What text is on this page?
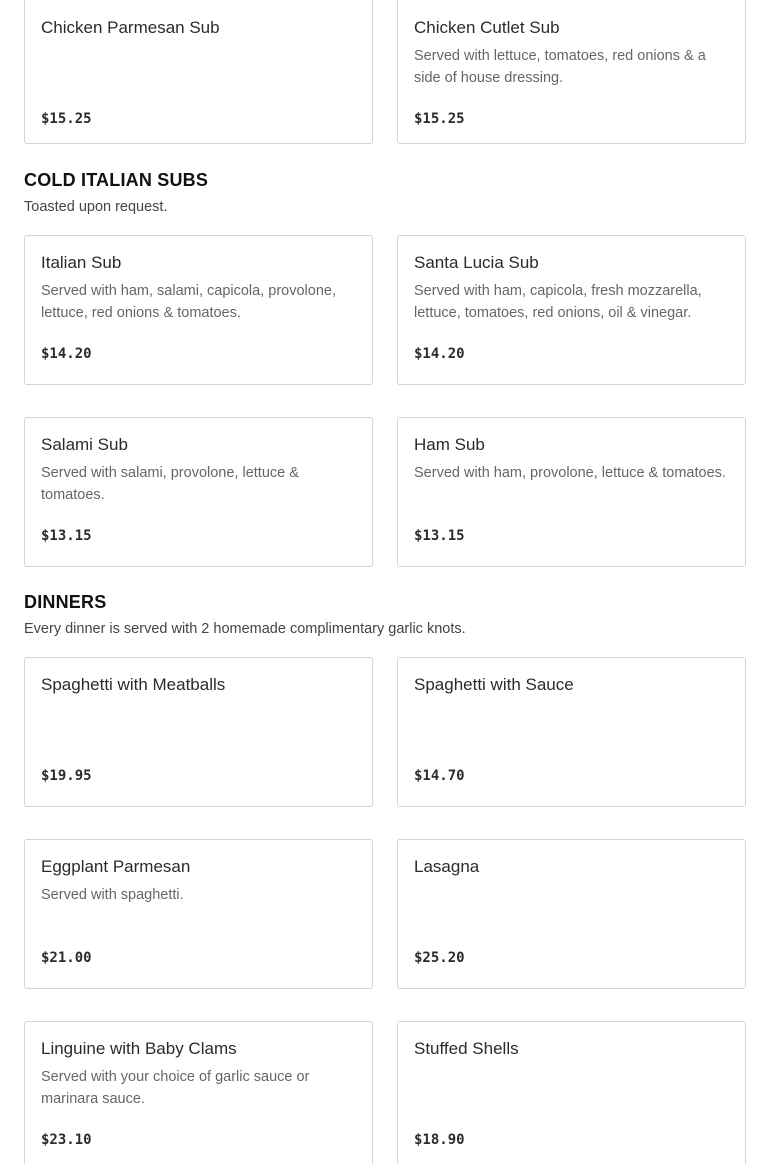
Chicken Parmesan Sub
$15.25
Chicken Cutlet Sub
Served with lettuce, tomatoes, red onions & a side of house dressing.
$15.25
COLD ITALIAN SUBS
Toasted upon request.
Italian Sub
Served with ham, salami, capicola, provolone, lettuce, red onions & tomatoes.
$14.20
Santa Lucia Sub
Served with ham, capicola, fresh mozzarella, lettuce, tomatoes, red onions, oil & vinegar.
$14.20
Salami Sub
Served with salami, provolone, lettuce & tomatoes.
$13.15
Ham Sub
Served with ham, provolone, lettuce & tomatoes.
$13.15
DINNERS
Every dinner is served with 2 homemade complimentary garlic knots.
Spaghetti with Meatballs
$19.95
Spaghetti with Sauce
$14.70
Eggplant Parmesan
Served with spaghetti.
$21.00
Lasagna
$25.20
Linguine with Baby Clams
Served with your choice of garlic sauce or marinara sauce.
$23.10
Stuffed Shells
$18.90
